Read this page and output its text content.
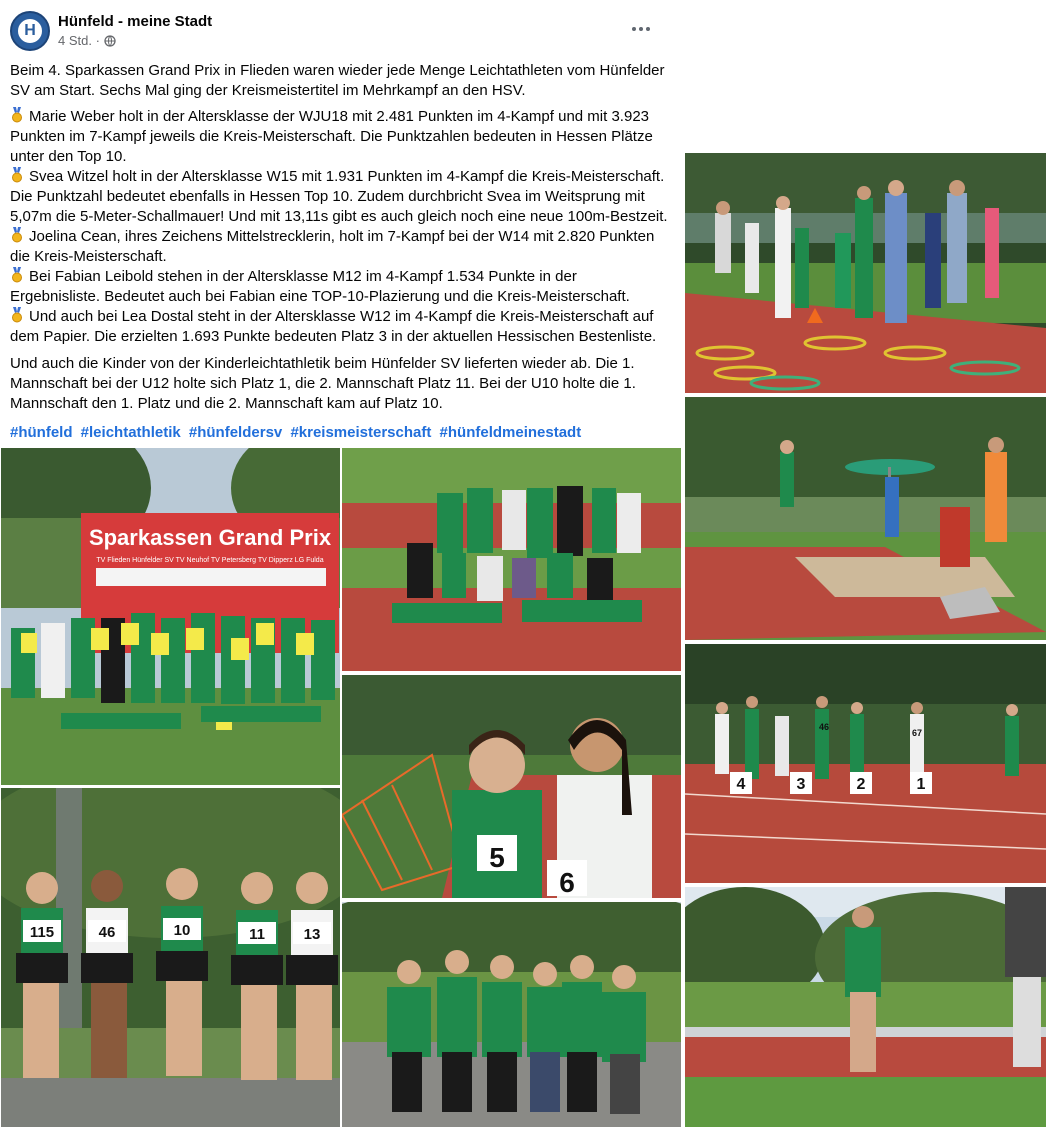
H
Hünfeld - meine Stadt
4 Std. ·

Beim 4. Sparkassen Grand Prix in Flieden waren wieder jede Menge Leichtathleten vom Hünfelder SV am Start. Sechs Mal ging der Kreismeistertitel im Mehrkampf an den HSV.

Marie Weber holt in der Altersklasse der WJU18 mit 2.481 Punkten im 4-Kampf und mit 3.923 Punkten im 7-Kampf jeweils die Kreis-Meisterschaft. Die Punktzahlen bedeuten in Hessen Plätze unter den Top 10.
Svea Witzel holt in der Altersklasse W15 mit 1.931 Punkten im 4-Kampf die Kreis-Meisterschaft. Die Punktzahl bedeutet ebenfalls in Hessen Top 10. Zudem durchbricht Svea im Weitsprung mit 5,07m die 5-Meter-Schallmauer! Und mit 13,11s gibt es auch gleich noch eine neue 100m-Bestzeit.
Joelina Cean, ihres Zeichens Mittelstrecklerin, holt im 7-Kampf bei der W14 mit 2.820 Punkten die Kreis-Meisterschaft.
Bei Fabian Leibold stehen in der Altersklasse M12 im 4-Kampf 1.534 Punkte in der Ergebnisliste. Bedeutet auch bei Fabian eine TOP-10-Plazierung und die Kreis-Meisterschaft.
Und auch bei Lea Dostal steht in der Altersklasse W12 im 4-Kampf die Kreis-Meisterschaft auf dem Papier. Die erzielten 1.693 Punkte bedeuten Platz 3 in der aktuellen Hessischen Bestenliste.

Und auch die Kinder von der Kinderleichtathletik beim Hünfelder SV lieferten wieder ab. Die 1. Mannschaft bei der U12 holte sich Platz 1, die 2. Mannschaft Platz 11. Bei der U10 holte die 1. Mannschaft den 1. Platz und die 2. Mannschaft kam auf Platz 10.

#hünfeld #leichtathletik #hünfeldersv #kreismeisterschaft #hünfeldmeinestadt
4	3	2	1
46
67
Sparkassen Grand Prix
TV Flieden Hünfelder SV TV Neuhof TV Petersberg TV Dipperz LG Fulda
5
6
115	46	10	11	13
